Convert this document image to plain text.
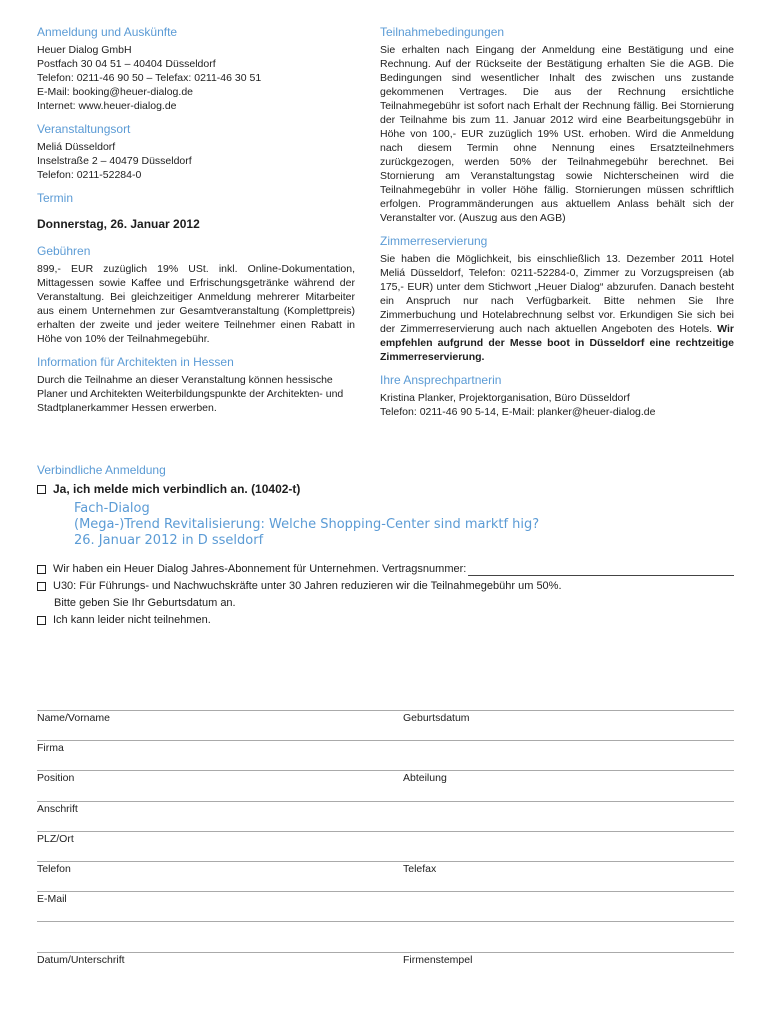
Anmeldung und Auskünfte

Heuer Dialog GmbH

Postfach 30 04 51 – 40404 Düsseldorf

Telefon: 0211-46 90 50 – Telefax: 0211-46 30 51

E-Mail: booking@heuer-dialog.de

Internet: www.heuer-dialog.de

Veranstaltungsort

Meliá Düsseldorf

Inselstraße 2 – 40479 Düsseldorf

Telefon: 0211-52284-0

Termin

Donnerstag, 26. Januar 2012

Gebühren

899,- EUR zuzüglich 19% USt. inkl. Online-Dokumentation, Mittagessen sowie Kaffee und Erfrischungsgetränke während der Veranstaltung. Bei gleichzeitiger Anmeldung mehrerer Mitarbeiter aus einem Unternehmen zur Gesamtveranstaltung (Komplettpreis) erhalten der zweite und jeder weitere Teilnehmer einen Rabatt in Höhe von 10% der Teilnahmegebühr.

Information für Architekten in Hessen

Durch die Teilnahme an dieser Veranstaltung können hessische Planer und Architekten Weiterbildungspunkte der Architekten- und Stadtplanerkammer Hessen erwerben.

Teilnahmebedingungen

Sie erhalten nach Eingang der Anmeldung eine Bestätigung und eine Rechnung. Auf der Rückseite der Bestätigung erhalten Sie die AGB. Die Bedingungen sind wesentlicher Inhalt des zwischen uns zustande gekommenen Vertrages. Die aus der Rechnung ersichtliche Teilnahmegebühr ist sofort nach Erhalt der Rechnung fällig. Bei Stornierung der Teilnahme bis zum 11. Januar 2012 wird eine Bearbeitungsgebühr in Höhe von 100,- EUR zuzüglich 19% USt. erhoben. Wird die Anmeldung nach diesem Termin ohne Nennung eines Ersatzteilnehmers zurückgezogen, werden 50% der Teilnahmegebühr berechnet. Bei Stornierung am Veranstaltungstag sowie Nichterscheinen wird die Teilnahmegebühr in voller Höhe fällig. Stornierungen müssen schriftlich erfolgen. Programmänderungen aus aktuellem Anlass behält sich der Veranstalter vor. (Auszug aus den AGB)

Zimmerreservierung

Sie haben die Möglichkeit, bis einschließlich 13. Dezember 2011 Hotel Meliá Düsseldorf, Telefon: 0211-52284-0, Zimmer zu Vorzugspreisen (ab 175,- EUR) unter dem Stichwort „Heuer Dialog“ abzurufen. Danach besteht ein Anspruch nur nach Verfügbarkeit. Bitte nehmen Sie Ihre Zimmerbuchung und Hotelabrechnung selbst vor. Erkundigen Sie sich bei der Zimmerreservierung auch nach aktuellen Angeboten des Hotels. Wir empfehlen aufgrund der Messe boot in Düsseldorf eine rechtzeitige Zimmerreservierung.

Ihre Ansprechpartnerin

Kristina Planker, Projektorganisation, Büro Düsseldorf

Telefon: 0211-46 90 5-14, E-Mail: planker@heuer-dialog.de

Verbindliche Anmeldung
Ja, ich melde mich verbindlich an. (10402-t)
Fach-Dialog
(Mega-)Trend Revitalisierung: Welche Shopping-Center sind marktf hig?
26. Januar 2012 in D sseldorf
Wir haben ein Heuer Dialog Jahres-Abonnement für Unternehmen. Vertragsnummer:
U30: Für Führungs- und Nachwuchskräfte unter 30 Jahren reduzieren wir die Teilnahmegebühr um 50%.
Bitte geben Sie Ihr Geburtsdatum an.
Ich kann leider nicht teilnehmen.
Name/Vorname	Geburtsdatum
Firma
Position	Abteilung
Anschrift
PLZ/Ort
Telefon	Telefax
E-Mail
Datum/Unterschrift	Firmenstempel
